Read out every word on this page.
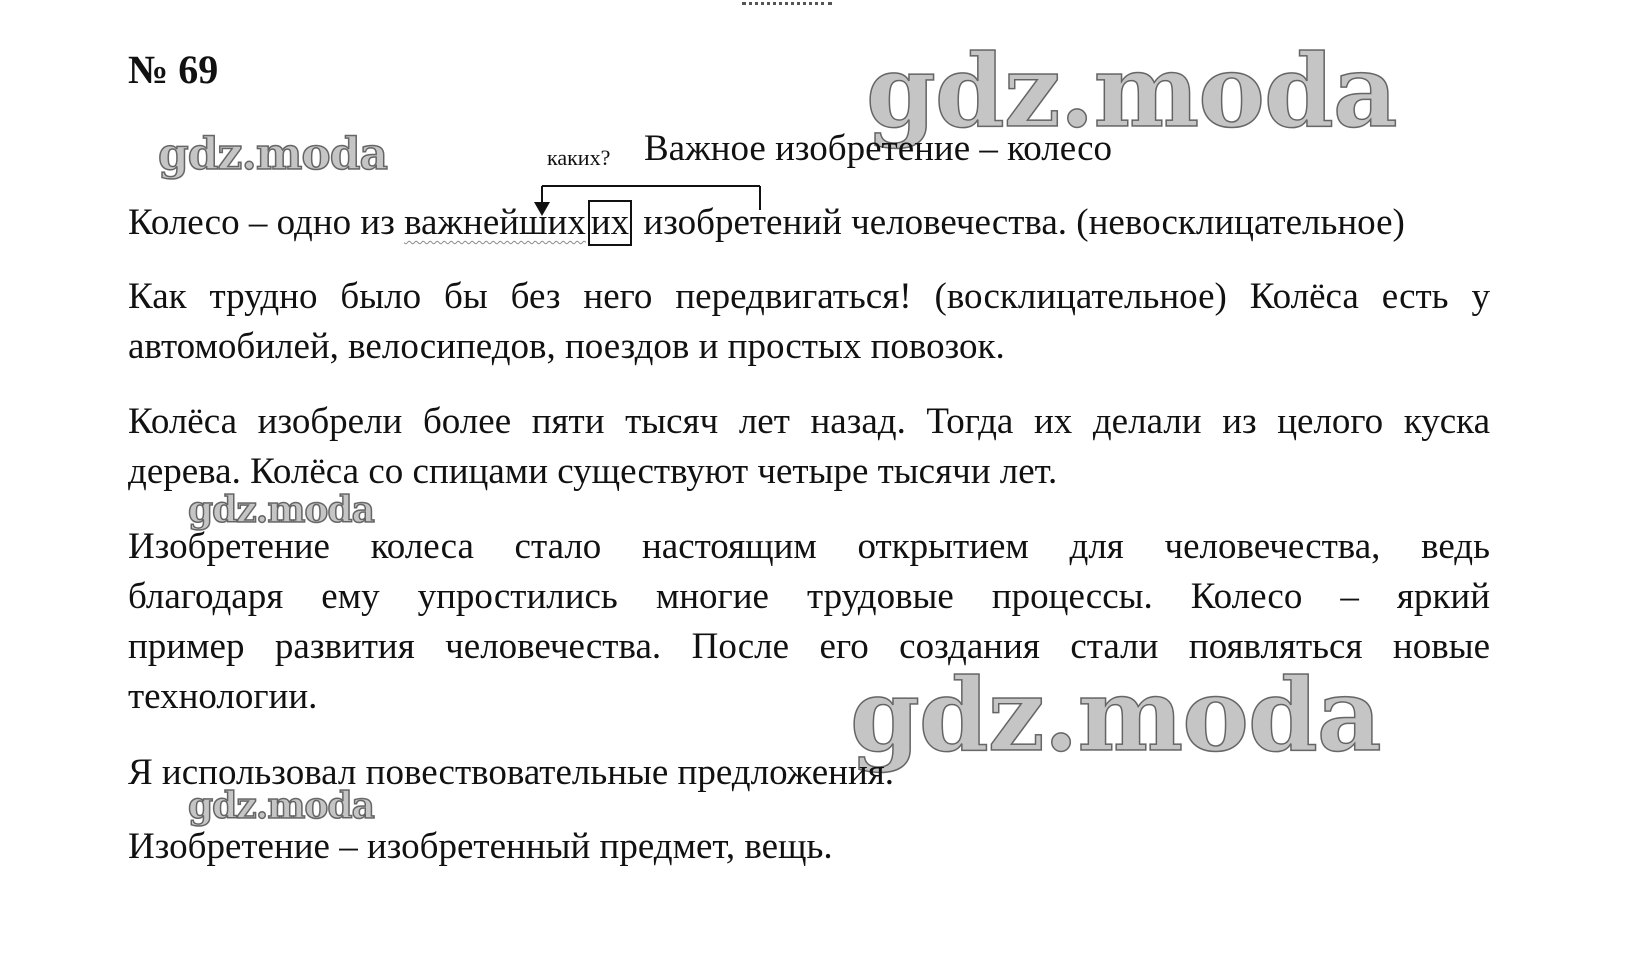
gdz.moda
gdz.moda
gdz.moda
gdz.moda
gdz.moda
№ 69
каких? Важное изобретение – колесо
Колесо – одно из важнейших их изобретений человечества. (невосклицательное)
Как трудно было бы без него передвигаться! (восклицательное) Колёса есть у
автомобилей, велосипедов, поездов и простых повозок.
Колёса изобрели более пяти тысяч лет назад. Тогда их делали из целого куска
дерева. Колёса со спицами существуют четыре тысячи лет.
Изобретение колеса стало настоящим открытием для человечества, ведь
благодаря ему упростились многие трудовые процессы. Колесо – яркий
пример развития человечества. После его создания стали появляться новые
технологии.
Я использовал повествовательные предложения.
Изобретение – изобретенный предмет, вещь.
